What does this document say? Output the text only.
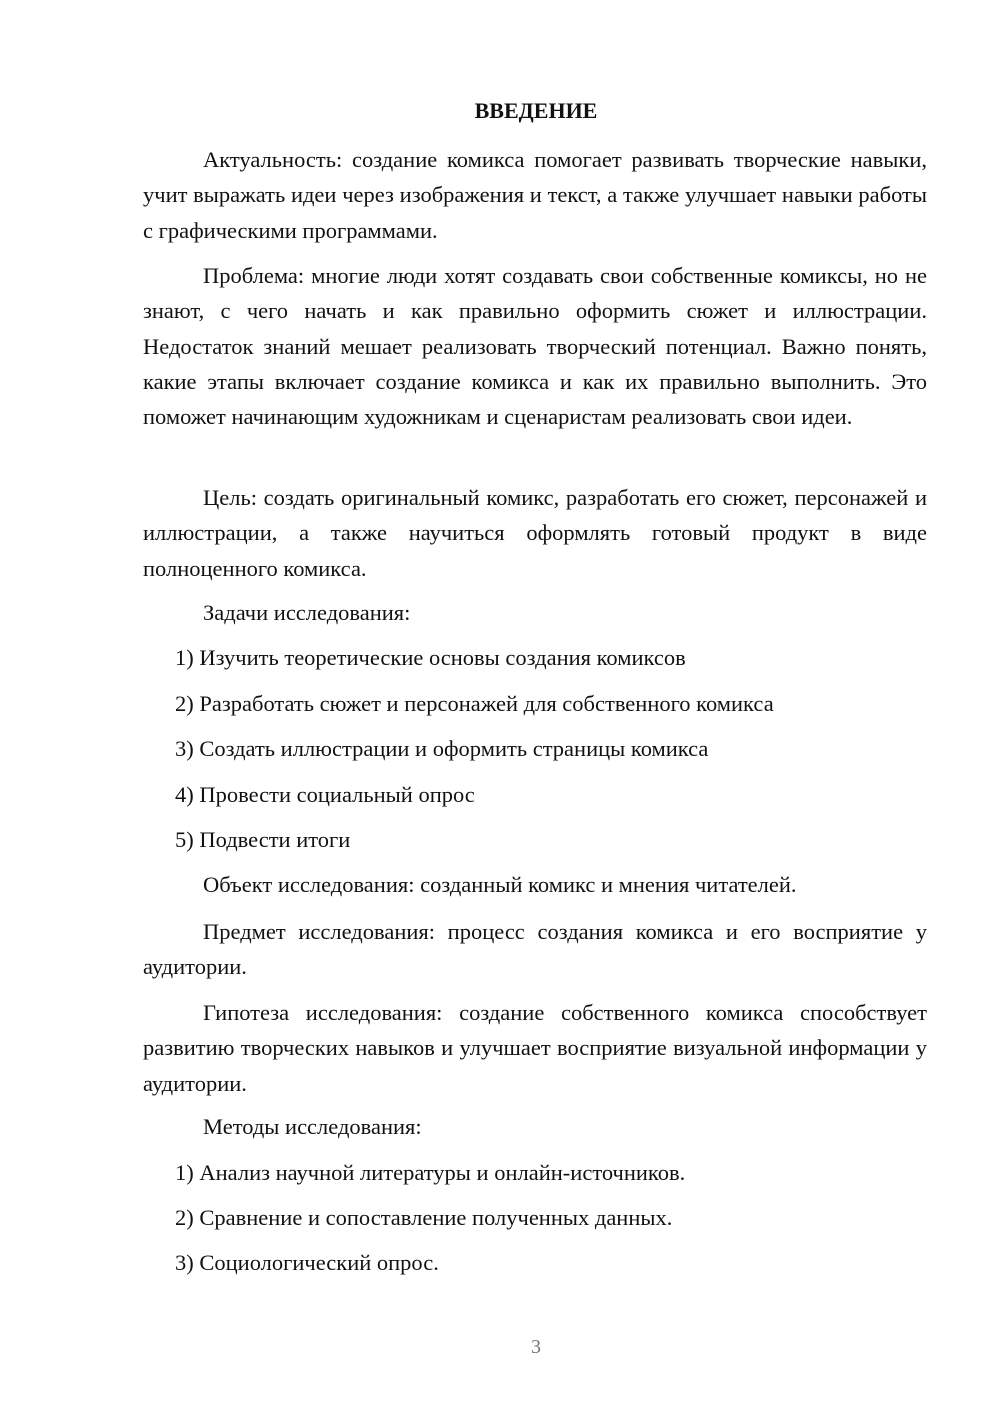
ВВЕДЕНИЕ

Актуальность: создание комикса помогает развивать творческие навыки, учит выражать идеи через изображения и текст, а также улучшает навыки работы с графическими программами.

Проблема: многие люди хотят создавать свои собственные комиксы, но не знают, с чего начать и как правильно оформить сюжет и иллюстрации. Недостаток знаний мешает реализовать творческий потенциал. Важно понять, какие этапы включает создание комикса и как их правильно выполнить. Это поможет начинающим художникам и сценаристам реализовать свои идеи.

Цель: создать оригинальный комикс, разработать его сюжет, персонажей и иллюстрации, а также научиться оформлять готовый продукт в виде полноценного комикса.

Задачи исследования:

1) Изучить теоретические основы создания комиксов

2) Разработать сюжет и персонажей для собственного комикса

3) Создать иллюстрации и оформить страницы комикса

4) Провести социальный опрос

5) Подвести итоги

Объект исследования: созданный комикс и мнения читателей.

Предмет исследования: процесс создания комикса и его восприятие у аудитории.

Гипотеза исследования: создание собственного комикса способствует развитию творческих навыков и улучшает восприятие визуальной информации у аудитории.

Методы исследования:

1) Анализ научной литературы и онлайн-источников.

2) Сравнение и сопоставление полученных данных.

3) Социологический опрос.

3
